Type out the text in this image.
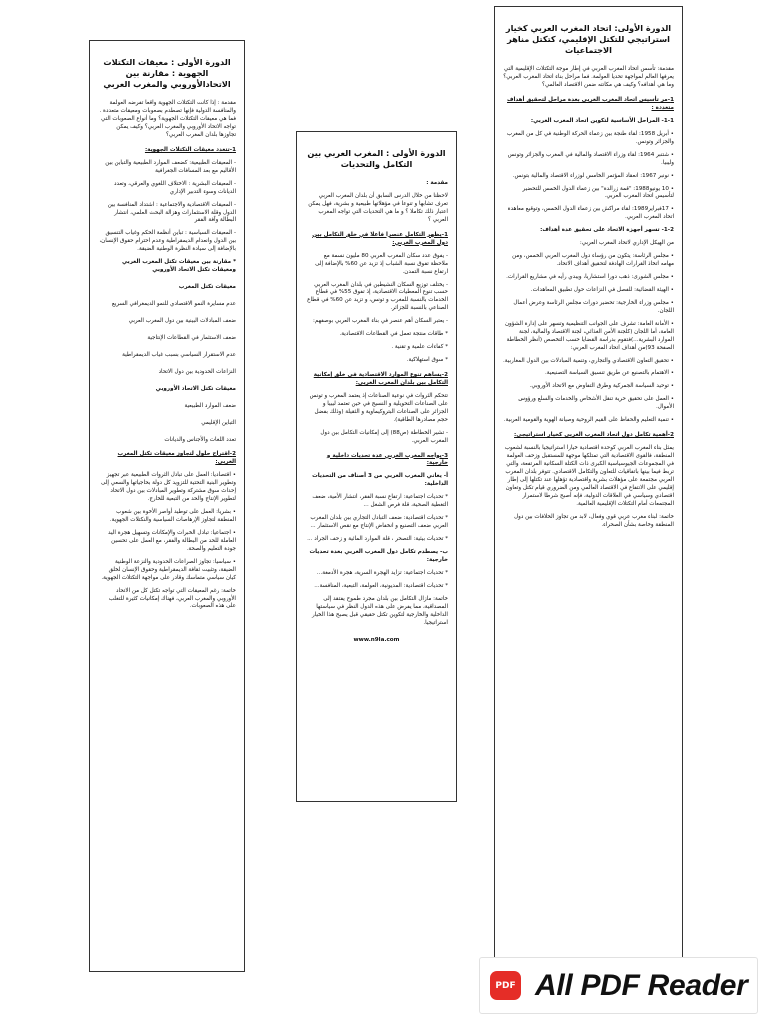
الدورة الأولى : معيقات التكتلات الجهوية : مقارنة بين الاتحادالأوروبي والمغرب العربي

مقدمة : إذا كانت التكتلات الجهوية واقعا تفرضه العولمة والمنافسة الدولية فإنها تصطدم بصعوبات ومعيقات متعددة . فما هي معيقات التكتلات الجهوية؟ وما أنواع الصعوبات التي تواجه الاتحاد الأوروبي والمغرب العربي؟ وكيف يمكن تجاوزها بلدان المغرب العربي؟

1-تتعدد معيقات التكتلات الجهوية:

- المعيقات الطبيعية: كضعف الموارد الطبيعية والتباين بين الأقاليم مع بعد المسافات الجغرافية

- المعيقات البشرية : الاختلاف اللغوي والعرقي، وتعدد الديانات وسوء التدبير الإداري

- المعيقات الاقتصادية والاجتماعية : اشتداد المنافسة بين الدول وقلة الاستثمارات وهزالة البحث العلمي، انتشار البطالة وآفة الفقر

- المعيقات السياسية : تباين أنظمة الحكم وغياب التنسيق بين الدول وانعدام الديمقراطية وعدم احترام حقوق الإنسان، بالإضافة إلى سيادة النظرة الوطنية الضيقة.

* مقارنة بين معيقات تكتل المغرب العربي ومعيقات تكتل الاتحاد الأوروبي

معيقات تكتل المغرب

عدم مسايرة النمو الاقتصادي للنمو الديمغرافي السريع

ضعف المبادلات البينية بين دول المغرب العربي

ضعف الاستثمار في القطاعات الإنتاجية

عدم الاستقرار السياسي بسبب غياب الديمقراطية

النزاعات الحدودية بين دول الاتحاد

معيقات تكتل الاتحاد الأوروبي

ضعف الموارد الطبيعية

التباين الإقليمي

تعدد اللغات والأجناس والديانات

2-اقتراح حلول لتجاوز معيقات تكتل المغرب العربي:

• اقتصاديا: العمل على تبادل الثروات الطبيعية عبر تجهيز وتطوير البنية التحتية للتزويد كل دولة بحاجياتها والسعي إلى إحداث سوق مشتركة وتطوير المبادلات بين دول الاتحاد لتطوير الإنتاج والحد من التبعية للخارج.

• بشريا: العمل على توطيد أواصر الأخوة بين شعوب المنطقة لتجاوز الإرهاصات السياسية والنكتلات الجهوية.

• اجتماعيا: تبادل الخبرات والإمكانات وتسهيل هجرة اليد العاملة للحد من البطالة والفقر، مع العمل على تحسين جودة التعليم والصحة.

• سياسيا: تجاوز الصراعات الحدودية والنزعة الوطنية الضيقة، وتثبيت ثقافة الديمقراطية وحقوق الإنسان لخلق كيان سياسي متماسك وقادر على مواجهة التكتلات الجهوية.

خاتمة: رغم المعيقات التي تواجه تكتل كل من الاتحاد الأوروبي والمغرب العربي، فهناك إمكانيات كثيرة للتغلب على هذه الصعوبات.

الدورة الأولى : المغرب العربي بين التكامل والتحديات

مقدمة :

لاحظنا من خلال الدرس السابق أن بلدان المغرب العربي تعرف تشابها و تنوعا في مؤهلاتها طبيعية و بشرية، فهل يمكن اعتبار ذلك تكاملا ؟ و ما هي التحديات التي تواجه المغرب العربي ؟

1-يظهر التكامل عنصرا فاعلا في خلق التكامل بين دول المغرب العربي:

- يفوق عدد سكان المغرب العربي 80 مليون نسمة مع ملاحظة تفوق نسبة الشباب إذ تزيد عن 60% بالإضافة إلى ارتفاع نسبة التمدن.

- يختلف توزيع السكان النشيطين في بلدان المغرب العربي حسب تنوع المعطيات الاقتصادية، إذ تفوق 55% في قطاع الخدمات بالنسبة للمغرب و تونس، و تزيد عن 60% في قطاع الصناعي بالنسبة للجزائر.

- يعتبر السكان أهم عنصر في بناء المغرب العربي بوصفهم:

* طاقات منتجة تعمل في القطاعات الاقتصادية.

* كفاءات علمية و تقنية .

* سوق استهلاكية.

2-يساهم تنوع الموارد الاقتصادية في خلق إمكانية التكامل بين بلدان المغرب العربي:

تتحكم الثروات في نوعية الصناعات إذ يعتمد المغرب و تونس على الصناعات التحويلية و النسيج في حين تعتمد ليبيا و الجزائر على الصناعات البتروكيماوية و الثقيلة (وذلك بفضل حجم مصادرها الطاقية).

- تشير الخطاطة (ص88) إلى إمكانيات التكامل بين دول المغرب العربي.

3-يواجه المغرب العربي عدة تحديات داخلية و خارجية:

أ- يعاني المغرب العربي من 3 أصناف من التحديات الداخلية:

* تحديات اجتماعية: ارتفاع نسبة الفقر، انتشار الأمية، ضعف التغطية الصحية، قلة فرص الشغل ...

* تحديات اقتصادية: ضعف التبادل التجاري بين بلدان المغرب العربي ضعف التصنيع و انخفاض الإنتاج مع نقص الاستثمار ...

* تحديات بيئية: التصحر ، قلة الموارد المائية و زحف الجراد ...

ب- يصطدم تكامل دول المغرب العربي بعدة تحديات خارجية:

* تحديات اجتماعية: تزايد الهجرة السرية، هجرة الأدمغة...

* تحديات اقتصادية: المديونية، العولمة، التبعية، المنافسة...

خاتمة: مازال التكامل بين بلدان مجرد طموح يفتقد إلى المصداقية، مما يفرض على هذه الدول النظر في سياستها الداخلية والخارجية لتكوين تكتل حقيقي قبل يصبح هذا الخيار استراتيجيا.

www.n9la.com
الدورة الأولى: اتحاد المغرب العربي كخيار استراتيجي للتكتل الإقليمي، كتكتل مناهر الاجتماعيات

مقدمة: تأسس اتحاد المغرب العربي في إطار موجة التكتلات الإقليمية التي يعرفها العالم لمواجهة تحديا العولمة. فما مراحل بناء اتحاد المغرب العربي؟ وما هي أهدافه؟ وكيف هي مكانته ضمن الاقتصاد العالمي؟

1-مر تأسيس اتحاد المغرب العربي بعدة مراحل لتحقيق أهداف متعددة :

1-1- المراحل الأساسية لتكوين اتحاد المغرب العربي:

• أبريل 1958: لقاء طنجة بين زعماء الحركة الوطنية في كل من المغرب والجزائر وتونس.

• شتنبر 1964: لقاء وزراء الاقتصاد والمالية في المغرب والجزائر وتونس وليبيا.

• نونبر 1967: انعقاد المؤتمر الخامس لوزراء الاقتصاد والمالية بتونس.

• 10 يونيو1988: "قمة زرالدة" بين زعماء الدول الخمس للتحضير لتأسيس اتحاد المغرب العربي.

• 17فبراير1989: لقاء مراكش بين زعماء الدول الخمس، وتوقيع معاهدة اتحاد المغرب العربي.

1-2- تسهر أجهزة الاتحاد على تحقيق عدة أهداف:

من الهيكل الإداري لاتحاد المغرب العربي:

• مجلس الرئاسة: يتكون من رؤساء دول المغرب العربي الخمس، ومن مهامه اتخاذ القرارات الهادفة لتحقيق أهداف الاتحاد.

• مجلس الشورى: ذهب دورا استشاريا، ويبدي رأيه في مشاريع القرارات.

• الهيئة القضائية: للفصل في النزاعات حول تطبيق المعاهدات.

• مجلس وزراء الخارجية: تحضير دورات مجلس الرئاسة وعرض أعمال اللجان.

• الأمانة العامة: تشرف على الجوانب التنظيمية وتسهر على إدارة الشؤون العامة، أما اللجان (كلجنة الأمن الغذائي، لجنة الاقتصاد والمالية، لجنة الموارد البشرية...)فتقوم بدراسة القضايا حسب التخصص (أنظر الخطاطة الصفحة 93)من أهداف اتحاد المغرب العربي:

• تحقيق التعاون الاقتصادي والتجاري، وتنمية المبادلات بين الدول المغاربية.

• الاهتمام بالتصنيع عن طريق تنسيق السياسة التصنيعية.

• توحيد السياسة الجمركية وطرق التفاوض مع الاتحاد الأوروبي.

• العمل على تحقيق حرية تنقل الأشخاص والخدمات والسلع ورؤوس الأموال.

• تنمية التعليم والحفاظ على القيم الروحية وصيانة الهوية والقومية العربية.

2-أهمية تكامل دول اتحاد المغرب العربي كخيار استراتيجي:

يمثل بناء المغرب العربي كوحدة اقتصادية خيارا استراتيجيا بالنسبة لشعوب المنطقة، فالقوى الاقتصادية التي تمتلكها موجهة للمستقبل وزحف العولمة في المجموعات الجيوسياسية الكبرى ذات الكتلة السكانية المرتفعة، والتي تربط فيما بينها باتفاقيات للتعاون والتكامل الاقتصادي. تتوفر بلدان المغرب العربي مجتمعة على مؤهلات بشرية واقتصادية تؤهلها عند تكتلها إلى إطار إقليمي على الانتفاع في الاقتصاد العالمي ومن الضروري قيام تكتل وتعاون اقتصادي وسياسي في العلاقات الدولية، فإنه أصبح شرطا لاستمرار المجتمعات أمام التكتلات الإقليمية العالمية.

خاتمة: لبناء مغرب عربي قوي وفعال، لابد من تجاوز الخلافات بين دول المنطقة وخاصة بشأن الصحراء.

PDF All PDF Reader
